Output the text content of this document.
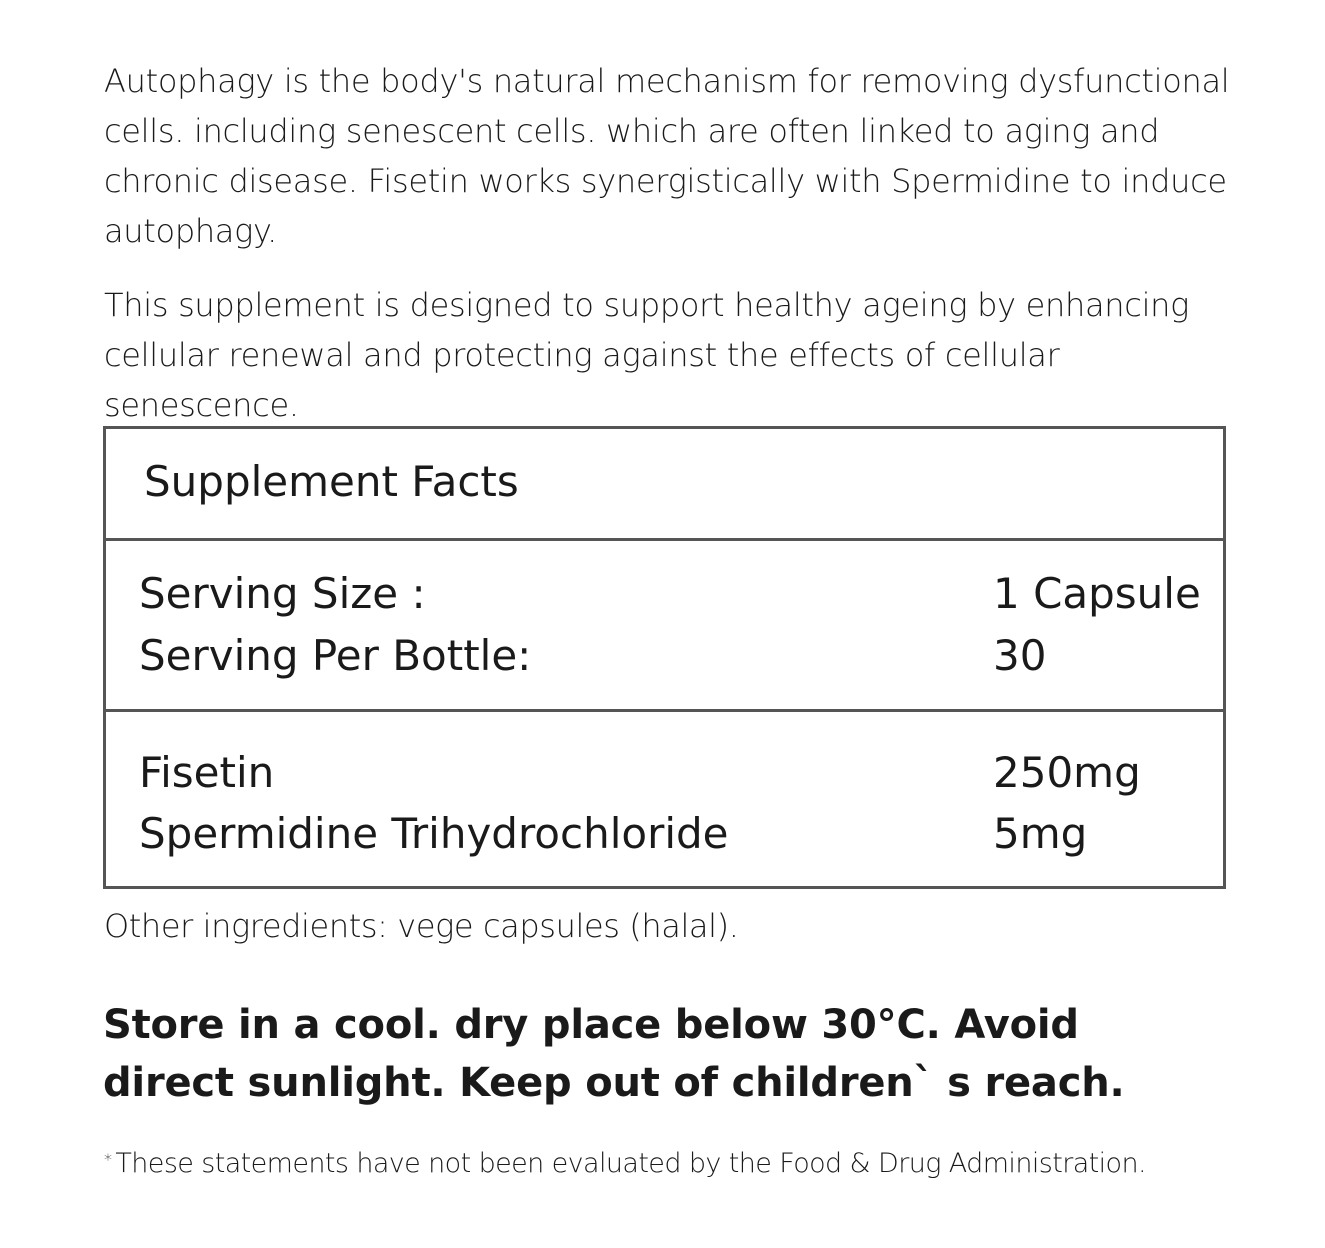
Autophagy is the body's natural mechanism for removing dysfunctional cells. including senescent cells. which are often linked to aging and chronic disease. Fisetin works synergistically with Spermidine to induce autophagy.

This supplement is designed to support healthy ageing by enhancing cellular renewal and protecting against the effects of cellular senescence.

Supplement Facts
Serving Size :	1 Capsule
Serving Per Bottle:	30
Fisetin	250mg
Spermidine Trihydrochloride	5mg
Other ingredients: vege capsules (halal).

Store in a cool. dry place below 30°C. Avoid direct sunlight. Keep out of children` s reach.

* These statements have not been evaluated by the Food & Drug Administration.
